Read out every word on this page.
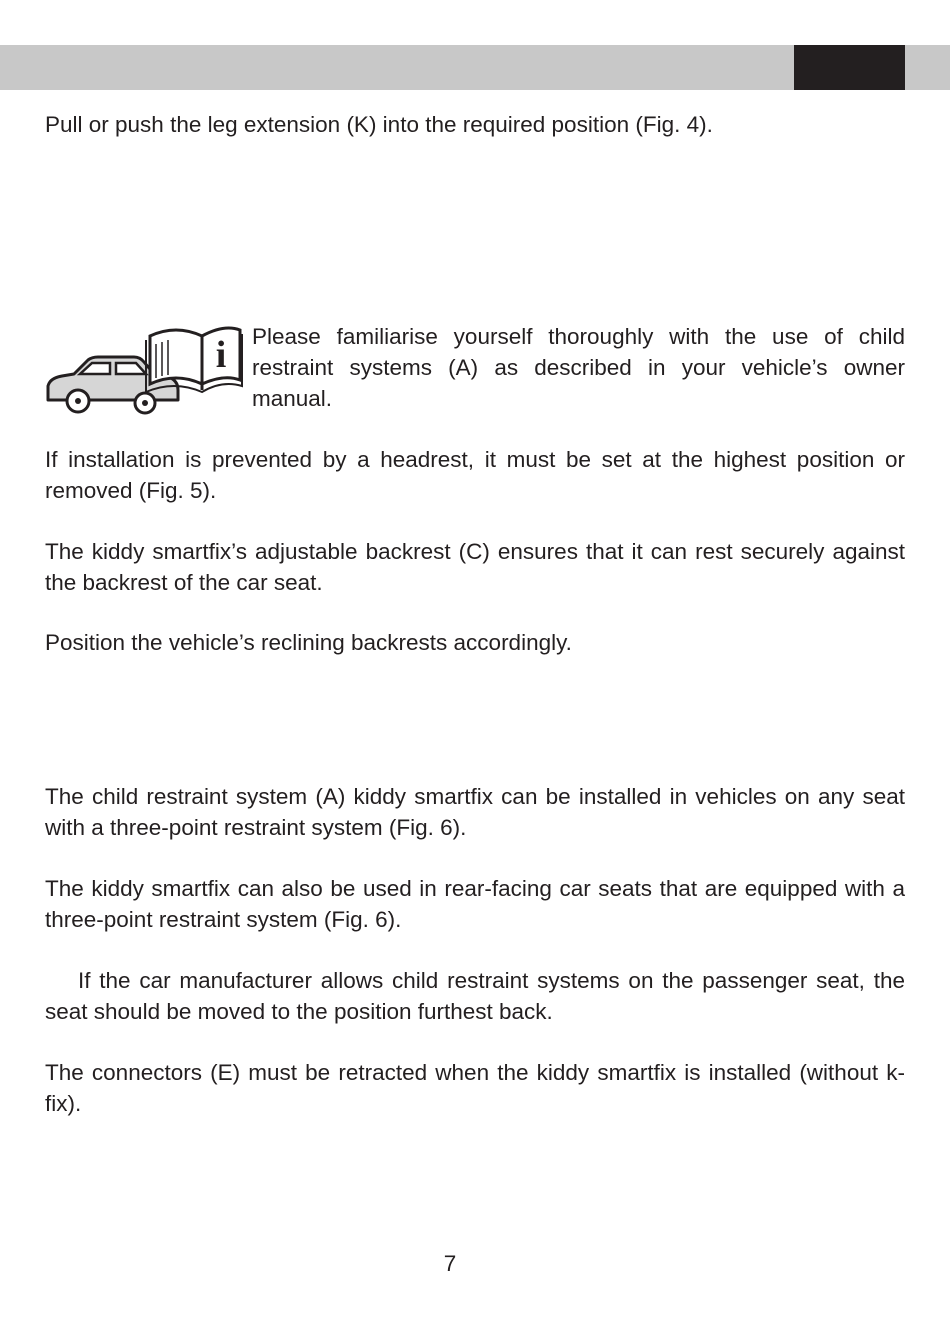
Pull or push the leg extension (K) into the required position (Fig. 4).

i Please familiarise yourself thoroughly with the use of child restraint systems (A) as described in your vehicle’s owner manual.

If installation is prevented by a headrest, it must be set at the highest position or removed (Fig. 5).

The kiddy smartfix’s adjustable backrest (C) ensures that it can rest securely against the backrest of the car seat.

Position the vehicle’s reclining backrests accordingly.

The child restraint system (A) kiddy smartfix can be installed in vehicles on any seat with a three-point restraint system (Fig. 6).

The kiddy smartfix can also be used in rear-facing car seats that are equipped with a three-point restraint system (Fig. 6).

If the car manufacturer allows child restraint systems on the passenger seat, the seat should be moved to the position furthest back.

The connectors (E) must be retracted when the kiddy smartfix is installed (without k-fix).

7
